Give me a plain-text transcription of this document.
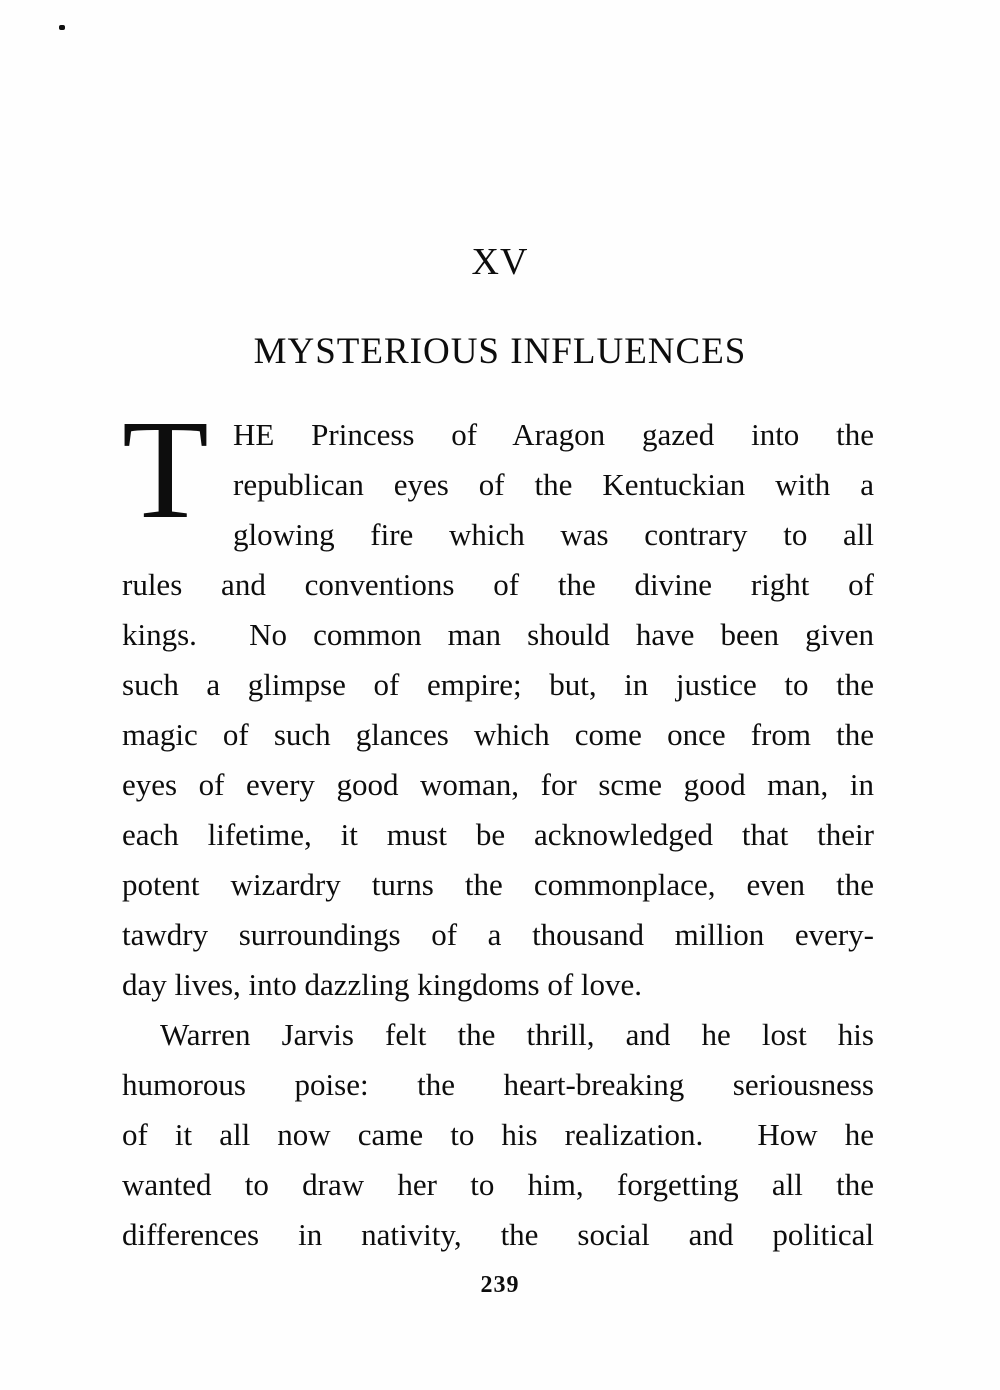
XV
MYSTERIOUS INFLUENCES
T HE Princess of Aragon gazed into the
republican eyes of the Kentuckian with a
glowing fire which was contrary to all
rules and conventions of the divine right of
kings.  No common man should have been given
such a glimpse of empire; but, in justice to the
magic of such glances which come once from the
eyes of every good woman, for scme good man, in
each lifetime, it must be acknowledged that their
potent wizardry turns the commonplace, even the
tawdry surroundings of a thousand million every-
day lives, into dazzling kingdoms of love.
Warren Jarvis felt the thrill, and he lost his
humorous poise: the heart-breaking seriousness
of it all now came to his realization.  How he
wanted to draw her to him, forgetting all the
differences in nativity, the social and political
239
